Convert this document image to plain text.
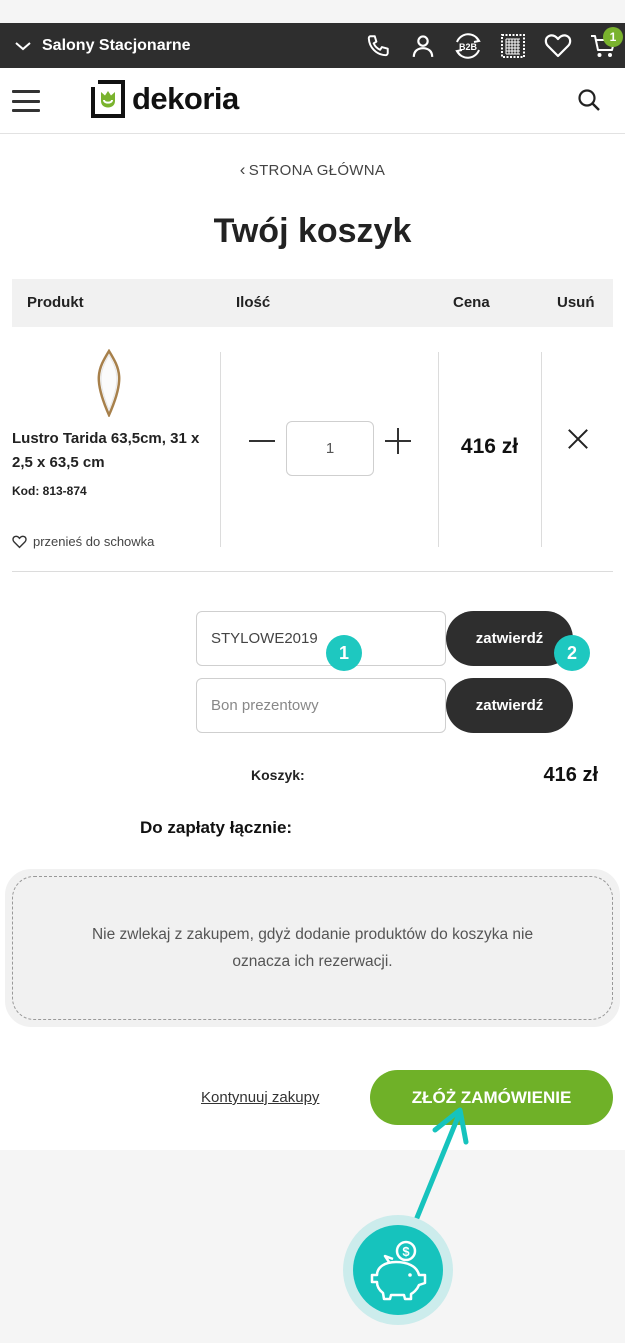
Salony Stacjonarne	B2B
1
dekoria
‹ STRONA GŁÓWNA
Twój koszyk
Produkt	Ilość	Cena	Usuń
Lustro Tarida 63,5cm, 31 x 2,5 x 63,5 cm
Kod: 813-874
przenieś do schowka
1	416 zł
STYLOWE2019	zatwierdź
1	2
Bon prezentowy	zatwierdź
Koszyk:	416 zł
Do zapłaty łącznie:
Nie zwlekaj z zakupem, gdyż dodanie produktów do koszyka nie oznacza ich rezerwacji.
Kontynuuj zakupy	ZŁÓŻ ZAMÓWIENIE
$
